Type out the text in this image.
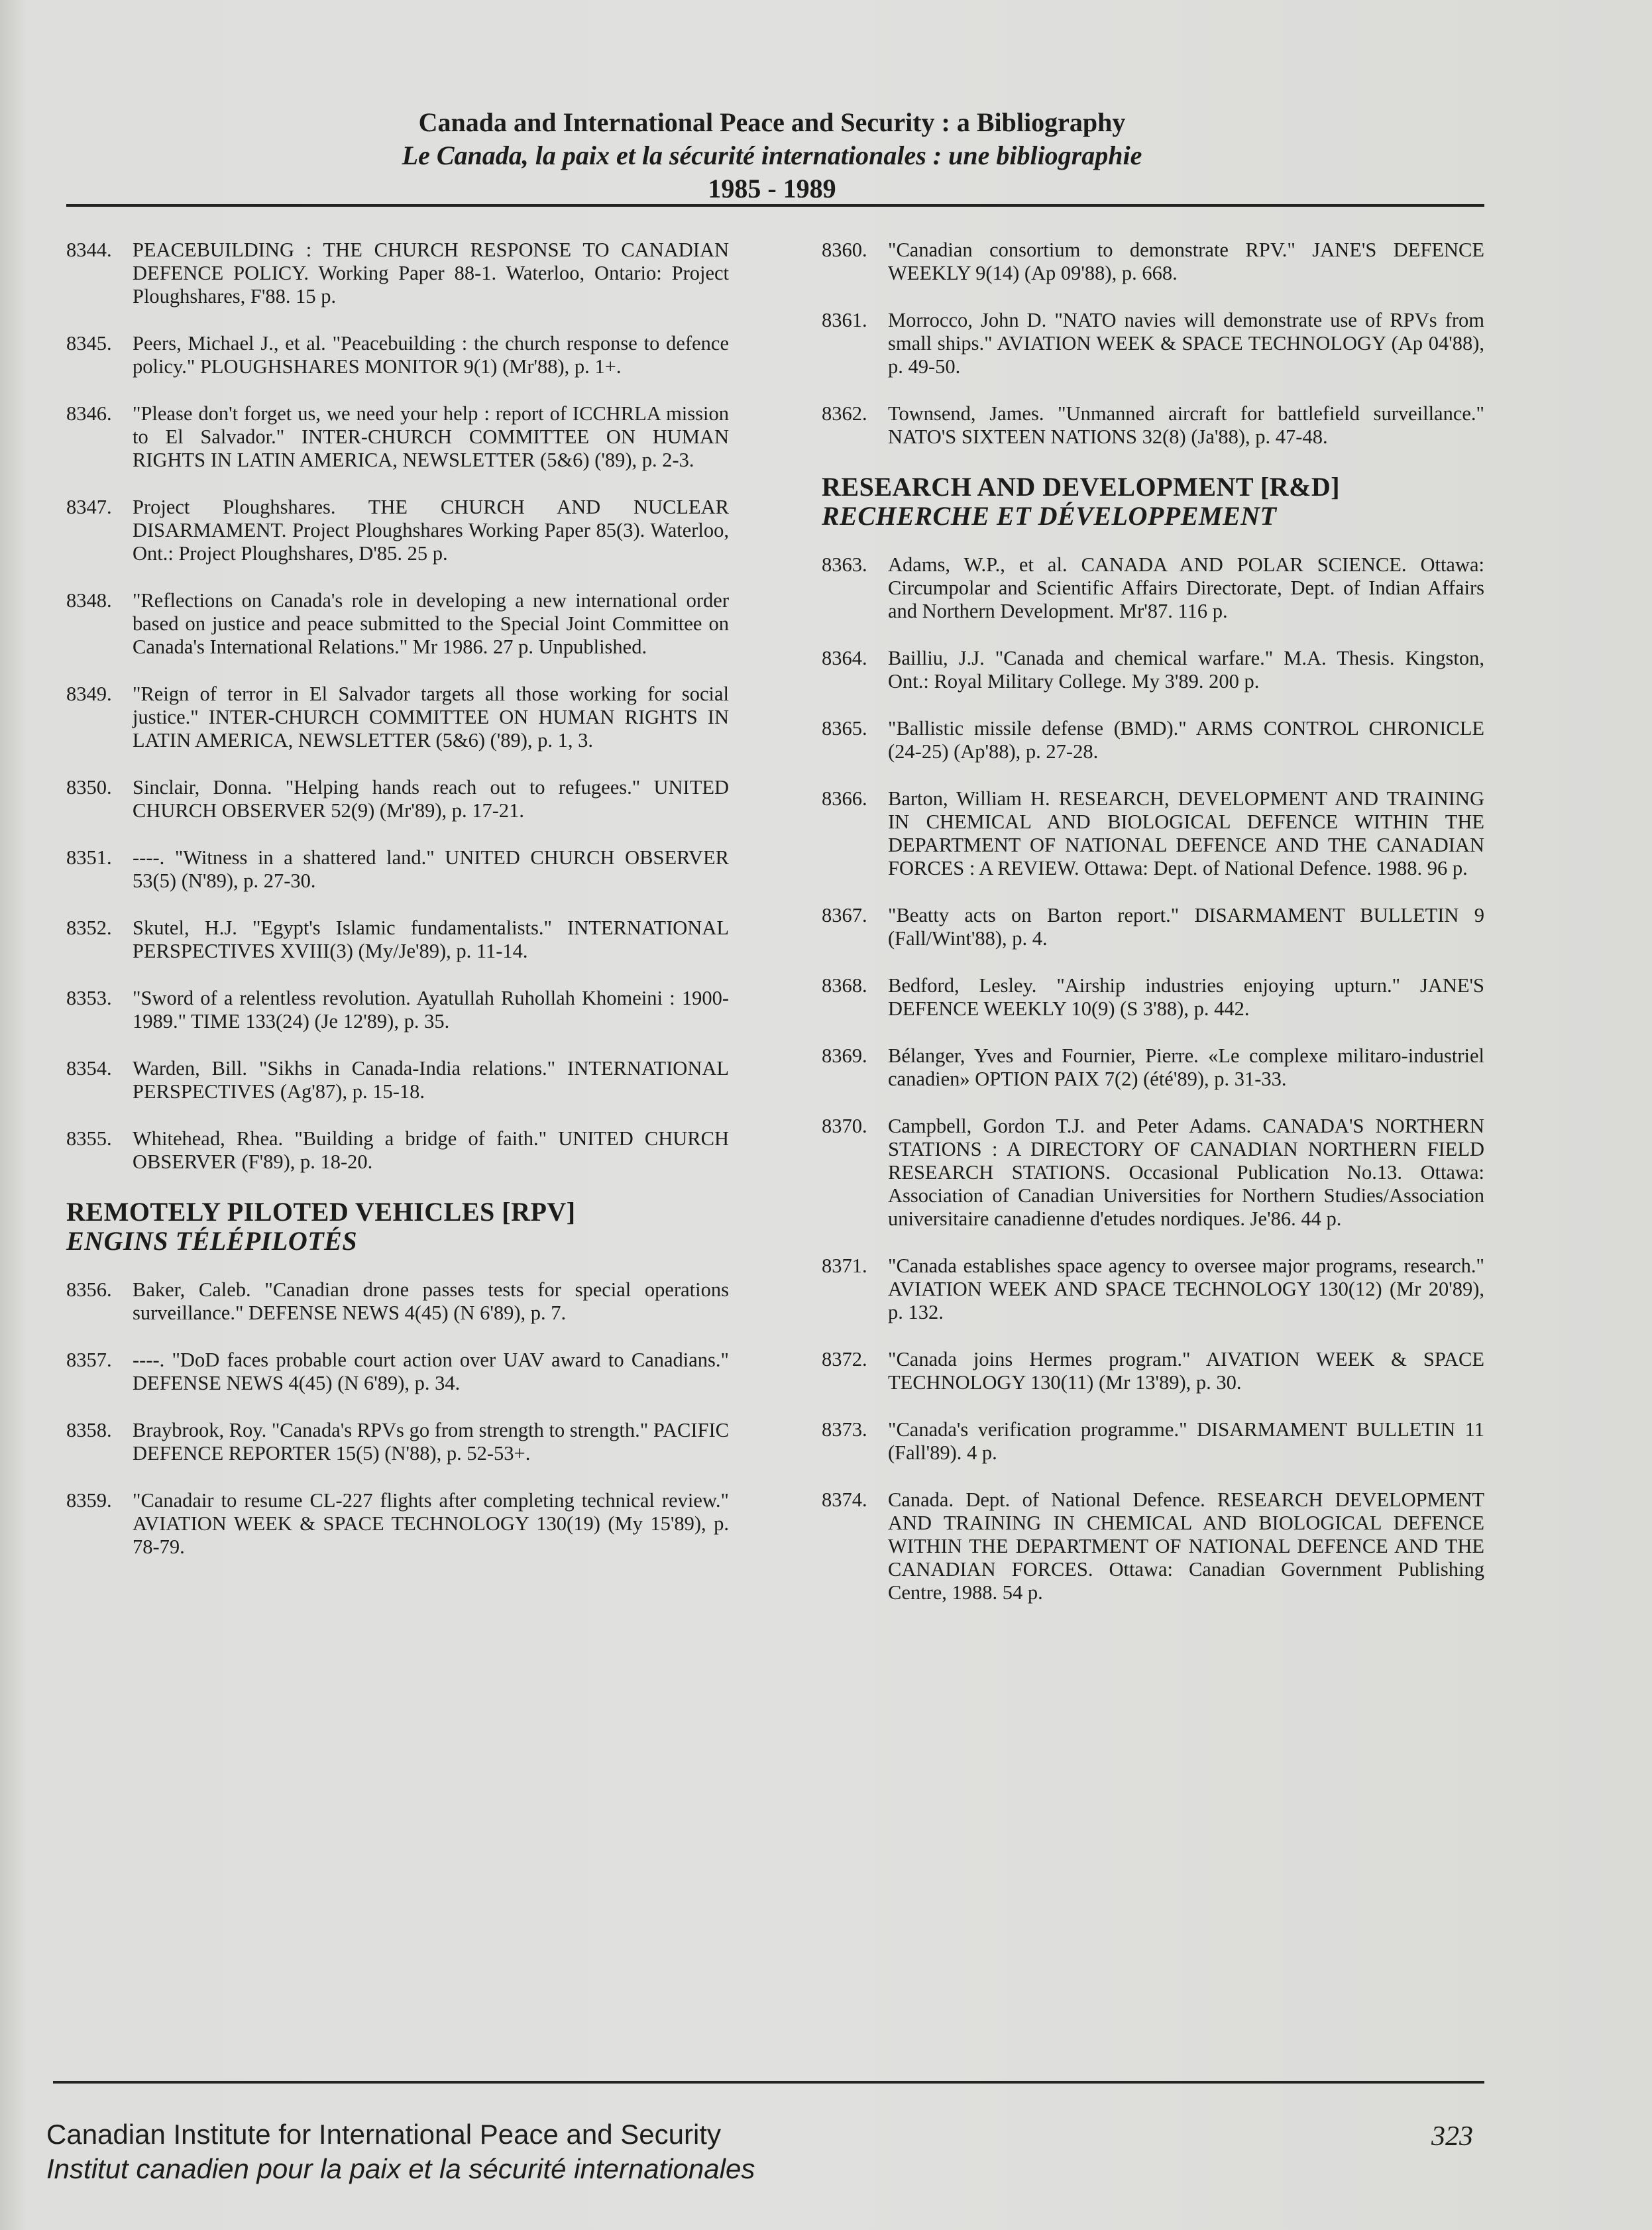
Canada and International Peace and Security : a Bibliography
Le Canada, la paix et la sécurité internationales : une bibliographie
1985 - 1989
8344.	PEACEBUILDING : THE CHURCH RESPONSE TO CANADIAN DEFENCE POLICY. Working Paper 88-1. Waterloo, Ontario: Project Ploughshares, F'88. 15 p.
8345.	Peers, Michael J., et al. "Peacebuilding : the church response to defence policy." PLOUGHSHARES MONITOR 9(1) (Mr'88), p. 1+.
8346.	"Please don't forget us, we need your help : report of ICCHRLA mission to El Salvador." INTER-CHURCH COMMITTEE ON HUMAN RIGHTS IN LATIN AMERICA, NEWSLETTER (5&6) ('89), p. 2-3.
8347.	Project Ploughshares. THE CHURCH AND NUCLEAR DISARMAMENT. Project Ploughshares Working Paper 85(3). Waterloo, Ont.: Project Ploughshares, D'85. 25 p.
8348.	"Reflections on Canada's role in developing a new international order based on justice and peace submitted to the Special Joint Committee on Canada's International Relations." Mr 1986. 27 p. Unpublished.
8349.	"Reign of terror in El Salvador targets all those working for social justice." INTER-CHURCH COMMITTEE ON HUMAN RIGHTS IN LATIN AMERICA, NEWSLETTER (5&6) ('89), p. 1, 3.
8350.	Sinclair, Donna. "Helping hands reach out to refugees." UNITED CHURCH OBSERVER 52(9) (Mr'89), p. 17-21.
8351.	----. "Witness in a shattered land." UNITED CHURCH OBSERVER 53(5) (N'89), p. 27-30.
8352.	Skutel, H.J. "Egypt's Islamic fundamentalists." INTERNATIONAL PERSPECTIVES XVIII(3) (My/Je'89), p. 11-14.
8353.	"Sword of a relentless revolution. Ayatullah Ruhollah Khomeini : 1900-1989." TIME 133(24) (Je 12'89), p. 35.
8354.	Warden, Bill. "Sikhs in Canada-India relations." INTERNATIONAL PERSPECTIVES (Ag'87), p. 15-18.
8355.	Whitehead, Rhea. "Building a bridge of faith." UNITED CHURCH OBSERVER (F'89), p. 18-20.
REMOTELY PILOTED VEHICLES [RPV]
ENGINS TÉLÉPILOTÉS
8356.	Baker, Caleb. "Canadian drone passes tests for special operations surveillance." DEFENSE NEWS 4(45) (N 6'89), p. 7.
8357.	----. "DoD faces probable court action over UAV award to Canadians." DEFENSE NEWS 4(45) (N 6'89), p. 34.
8358.	Braybrook, Roy. "Canada's RPVs go from strength to strength." PACIFIC DEFENCE REPORTER 15(5) (N'88), p. 52-53+.
8359.	"Canadair to resume CL-227 flights after completing technical review." AVIATION WEEK & SPACE TECHNOLOGY 130(19) (My 15'89), p. 78-79.
8360.	"Canadian consortium to demonstrate RPV." JANE'S DEFENCE WEEKLY 9(14) (Ap 09'88), p. 668.
8361.	Morrocco, John D. "NATO navies will demonstrate use of RPVs from small ships." AVIATION WEEK & SPACE TECHNOLOGY (Ap 04'88), p. 49-50.
8362.	Townsend, James. "Unmanned aircraft for battlefield surveillance." NATO'S SIXTEEN NATIONS 32(8) (Ja'88), p. 47-48.
RESEARCH AND DEVELOPMENT [R&D]
RECHERCHE ET DÉVELOPPEMENT
8363.	Adams, W.P., et al. CANADA AND POLAR SCIENCE. Ottawa: Circumpolar and Scientific Affairs Directorate, Dept. of Indian Affairs and Northern Development. Mr'87. 116 p.
8364.	Bailliu, J.J. "Canada and chemical warfare." M.A. Thesis. Kingston, Ont.: Royal Military College. My 3'89. 200 p.
8365.	"Ballistic missile defense (BMD)." ARMS CONTROL CHRONICLE (24-25) (Ap'88), p. 27-28.
8366.	Barton, William H. RESEARCH, DEVELOPMENT AND TRAINING IN CHEMICAL AND BIOLOGICAL DEFENCE WITHIN THE DEPARTMENT OF NATIONAL DEFENCE AND THE CANADIAN FORCES : A REVIEW. Ottawa: Dept. of National Defence. 1988. 96 p.
8367.	"Beatty acts on Barton report." DISARMAMENT BULLETIN 9 (Fall/Wint'88), p. 4.
8368.	Bedford, Lesley. "Airship industries enjoying upturn." JANE'S DEFENCE WEEKLY 10(9) (S 3'88), p. 442.
8369.	Bélanger, Yves and Fournier, Pierre. «Le complexe militaro-industriel canadien» OPTION PAIX 7(2) (été'89), p. 31-33.
8370.	Campbell, Gordon T.J. and Peter Adams. CANADA'S NORTHERN STATIONS : A DIRECTORY OF CANADIAN NORTHERN FIELD RESEARCH STATIONS. Occasional Publication No.13. Ottawa: Association of Canadian Universities for Northern Studies/Association universitaire canadienne d'etudes nordiques. Je'86. 44 p.
8371.	"Canada establishes space agency to oversee major programs, research." AVIATION WEEK AND SPACE TECHNOLOGY 130(12) (Mr 20'89), p. 132.
8372.	"Canada joins Hermes program." AIVATION WEEK & SPACE TECHNOLOGY 130(11) (Mr 13'89), p. 30.
8373.	"Canada's verification programme." DISARMAMENT BULLETIN 11 (Fall'89). 4 p.
8374.	Canada. Dept. of National Defence. RESEARCH DEVELOPMENT AND TRAINING IN CHEMICAL AND BIOLOGICAL DEFENCE WITHIN THE DEPARTMENT OF NATIONAL DEFENCE AND THE CANADIAN FORCES. Ottawa: Canadian Government Publishing Centre, 1988. 54 p.
Canadian Institute for International Peace and Security
Institut canadien pour la paix et la sécurité internationales
323
